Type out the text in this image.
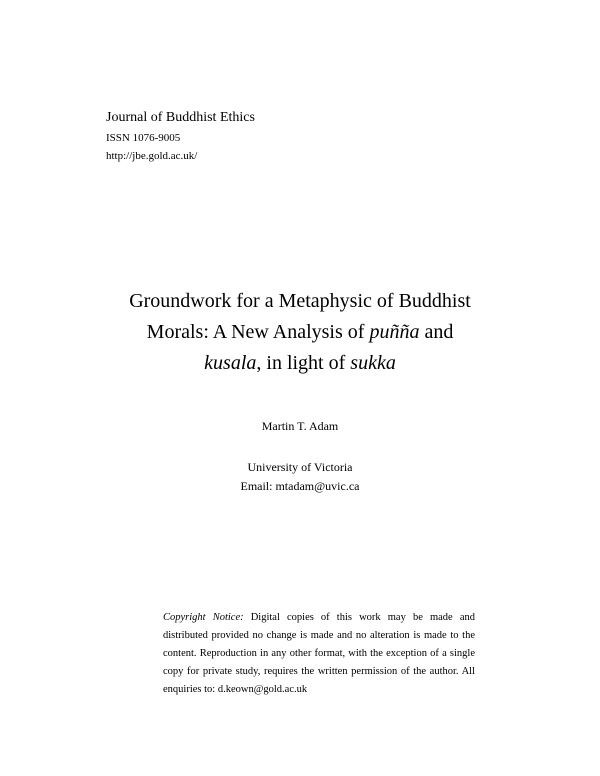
Journal of Buddhist Ethics
ISSN 1076-9005
http://jbe.gold.ac.uk/
Groundwork for a Metaphysic of Buddhist
Morals: A New Analysis of puñña and
kusala, in light of sukka
Martin T. Adam
University of Victoria
Email: mtadam@uvic.ca

Copyright Notice: Digital copies of this work may be made and distributed provided no change is made and no alteration is made to the content. Reproduction in any other format, with the exception of a single copy for private study, requires the written permission of the author. All enquiries to: d.keown@gold.ac.uk
